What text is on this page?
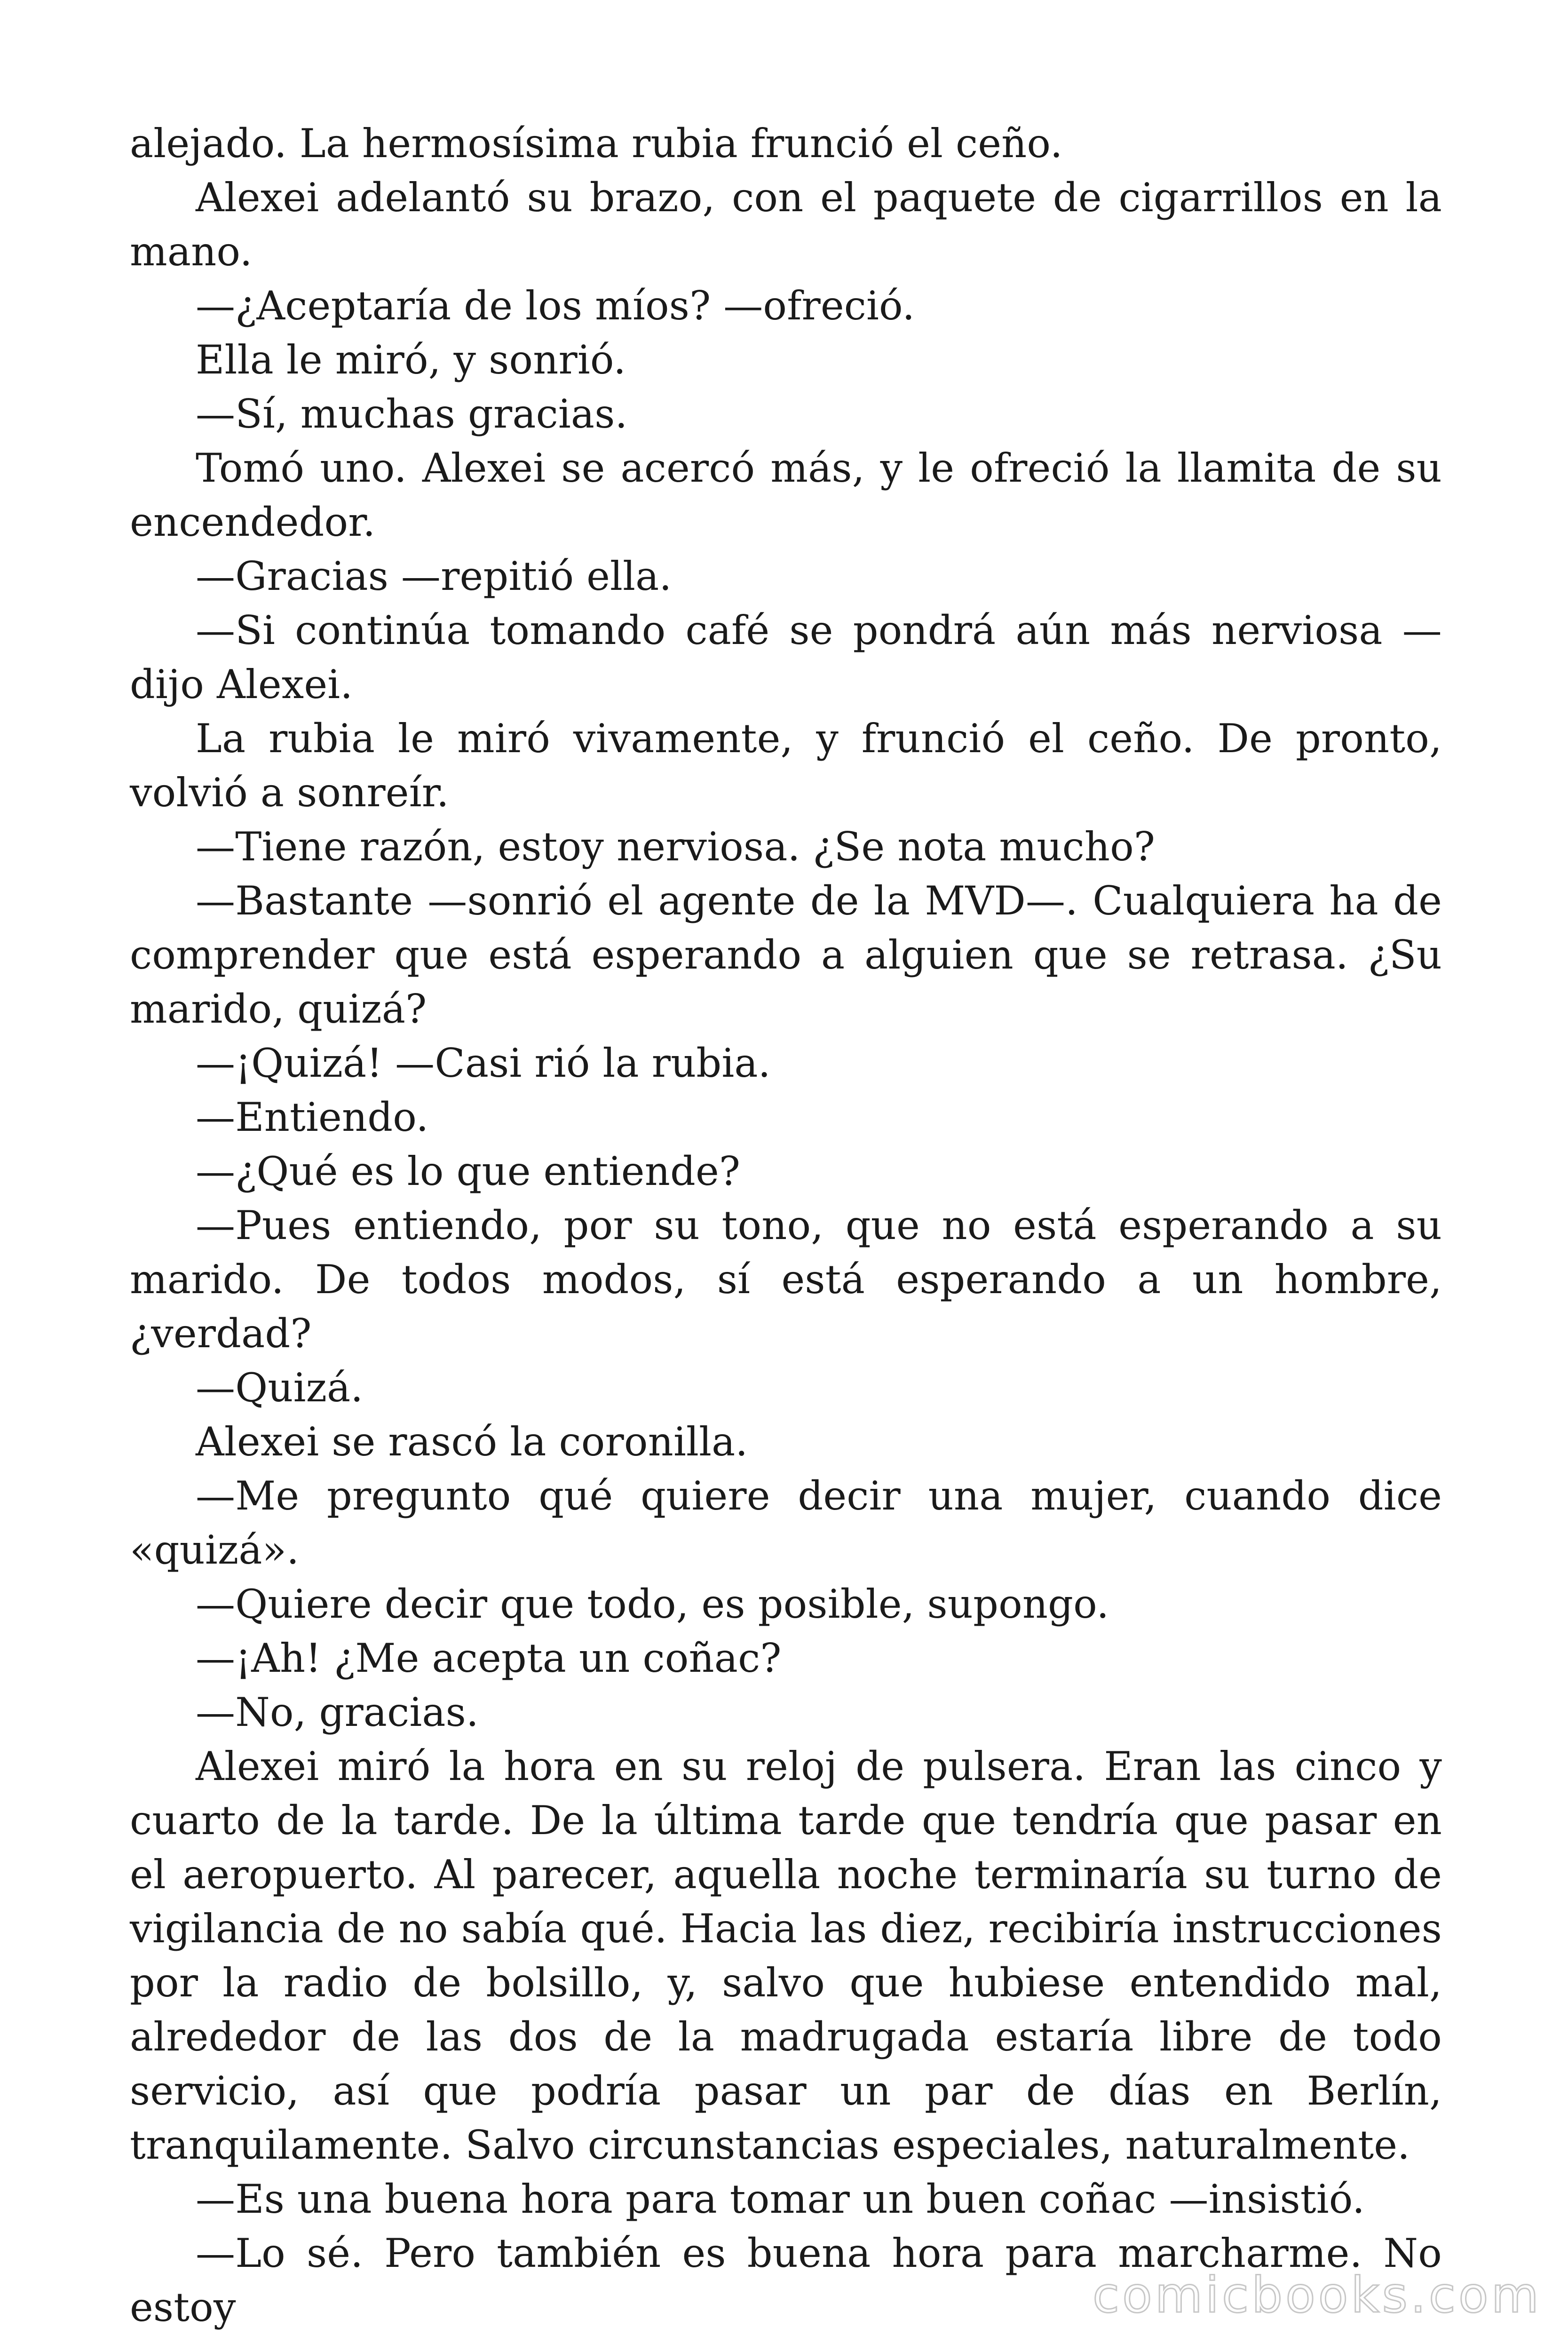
alejado. La hermosísima rubia frunció el ceño.

Alexei adelantó su brazo, con el paquete de cigarrillos en la mano.

—¿Aceptaría de los míos? —ofreció.

Ella le miró, y sonrió.

—Sí, muchas gracias.

Tomó uno. Alexei se acercó más, y le ofreció la llamita de su encendedor.

—Gracias —repitió ella.

—Si continúa tomando café se pondrá aún más nerviosa —dijo Alexei.

La rubia le miró vivamente, y frunció el ceño. De pronto, volvió a sonreír.

—Tiene razón, estoy nerviosa. ¿Se nota mucho?

—Bastante —sonrió el agente de la MVD—. Cualquiera ha de comprender que está esperando a alguien que se retrasa. ¿Su marido, quizá?

—¡Quizá! —Casi rió la rubia.

—Entiendo.

—¿Qué es lo que entiende?

—Pues entiendo, por su tono, que no está esperando a su marido. De todos modos, sí está esperando a un hombre, ¿verdad?

—Quizá.

Alexei se rascó la coronilla.

—Me pregunto qué quiere decir una mujer, cuando dice «quizá».

—Quiere decir que todo, es posible, supongo.

—¡Ah! ¿Me acepta un coñac?

—No, gracias.

Alexei miró la hora en su reloj de pulsera. Eran las cinco y cuarto de la tarde. De la última tarde que tendría que pasar en el aeropuerto. Al parecer, aquella noche terminaría su turno de vigilancia de no sabía qué. Hacia las diez, recibiría instrucciones por la radio de bolsillo, y, salvo que hubiese entendido mal, alrededor de las dos de la madrugada estaría libre de todo servicio, así que podría pasar un par de días en Berlín, tranquilamente. Salvo circunstancias especiales, naturalmente.

—Es una buena hora para tomar un buen coñac —insistió.

—Lo sé. Pero también es buena hora para marcharme. No estoy	comicbooks.com
